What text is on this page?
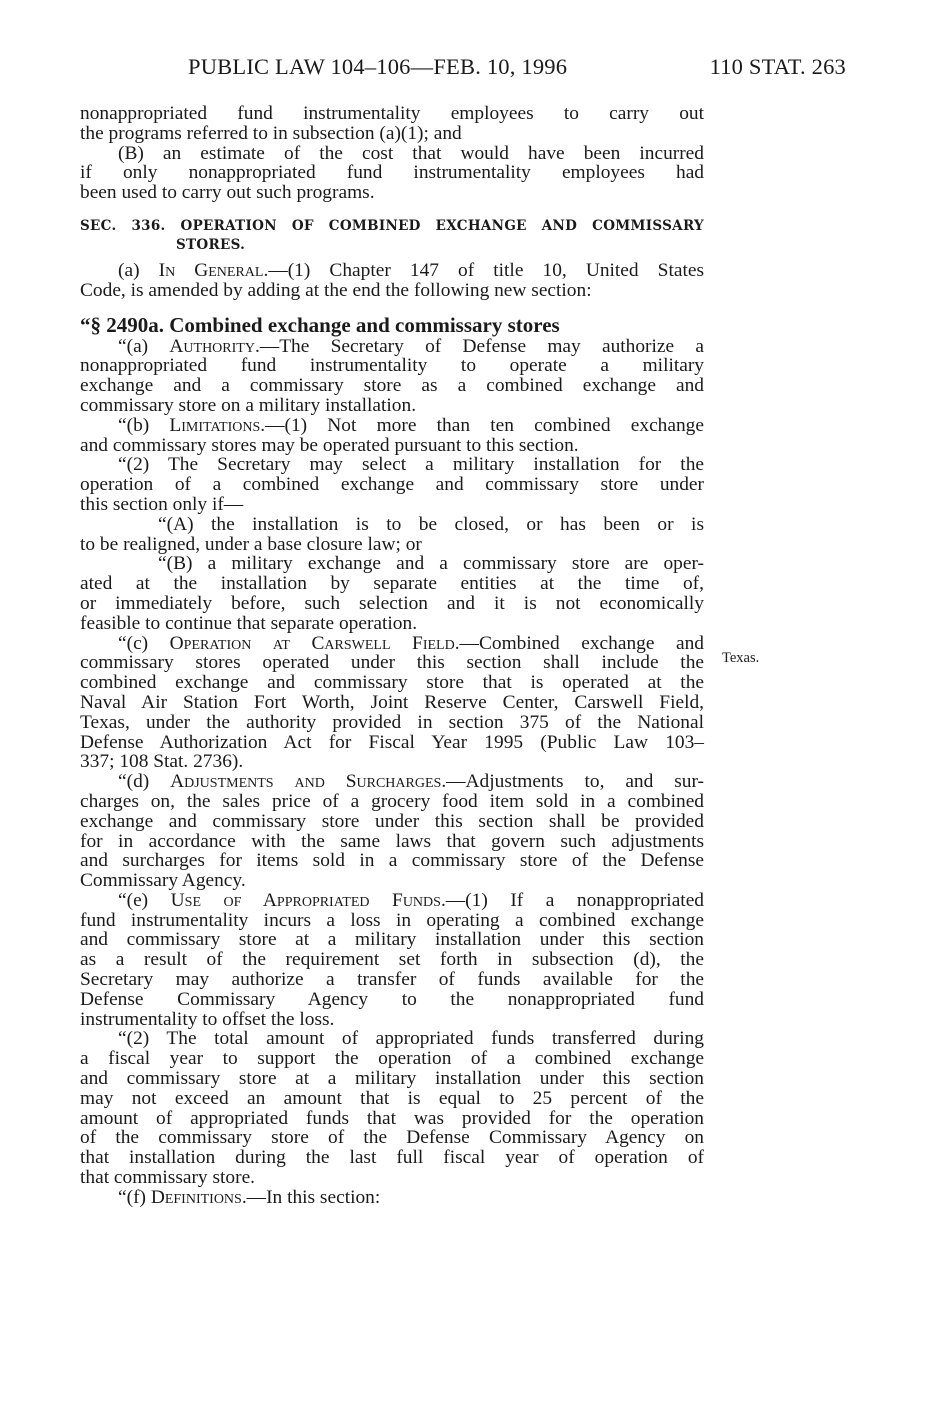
PUBLIC LAW 104–106—FEB. 10, 1996	110 STAT. 263
Texas.
nonappropriated fund instrumentality employees to carry out
the programs referred to in subsection (a)(1); and
(B) an estimate of the cost that would have been incurred
if only nonappropriated fund instrumentality employees had
been used to carry out such programs.
SEC. 336. OPERATION OF COMBINED EXCHANGE AND COMMISSARY
STORES.
(a) In General.—(1) Chapter 147 of title 10, United States
Code, is amended by adding at the end the following new section:
“§ 2490a. Combined exchange and commissary stores
“(a) Authority.—The Secretary of Defense may authorize a
nonappropriated fund instrumentality to operate a military
exchange and a commissary store as a combined exchange and
commissary store on a military installation.
“(b) Limitations.—(1) Not more than ten combined exchange
and commissary stores may be operated pursuant to this section.
“(2) The Secretary may select a military installation for the
operation of a combined exchange and commissary store under
this section only if—
“(A) the installation is to be closed, or has been or is
to be realigned, under a base closure law; or
“(B) a military exchange and a commissary store are oper-
ated at the installation by separate entities at the time of,
or immediately before, such selection and it is not economically
feasible to continue that separate operation.
“(c) Operation at Carswell Field.—Combined exchange and
commissary stores operated under this section shall include the
combined exchange and commissary store that is operated at the
Naval Air Station Fort Worth, Joint Reserve Center, Carswell Field,
Texas, under the authority provided in section 375 of the National
Defense Authorization Act for Fiscal Year 1995 (Public Law 103–
337; 108 Stat. 2736).
“(d) Adjustments and Surcharges.—Adjustments to, and sur-
charges on, the sales price of a grocery food item sold in a combined
exchange and commissary store under this section shall be provided
for in accordance with the same laws that govern such adjustments
and surcharges for items sold in a commissary store of the Defense
Commissary Agency.
“(e) Use of Appropriated Funds.—(1) If a nonappropriated
fund instrumentality incurs a loss in operating a combined exchange
and commissary store at a military installation under this section
as a result of the requirement set forth in subsection (d), the
Secretary may authorize a transfer of funds available for the
Defense Commissary Agency to the nonappropriated fund
instrumentality to offset the loss.
“(2) The total amount of appropriated funds transferred during
a fiscal year to support the operation of a combined exchange
and commissary store at a military installation under this section
may not exceed an amount that is equal to 25 percent of the
amount of appropriated funds that was provided for the operation
of the commissary store of the Defense Commissary Agency on
that installation during the last full fiscal year of operation of
that commissary store.
“(f) Definitions.—In this section:
